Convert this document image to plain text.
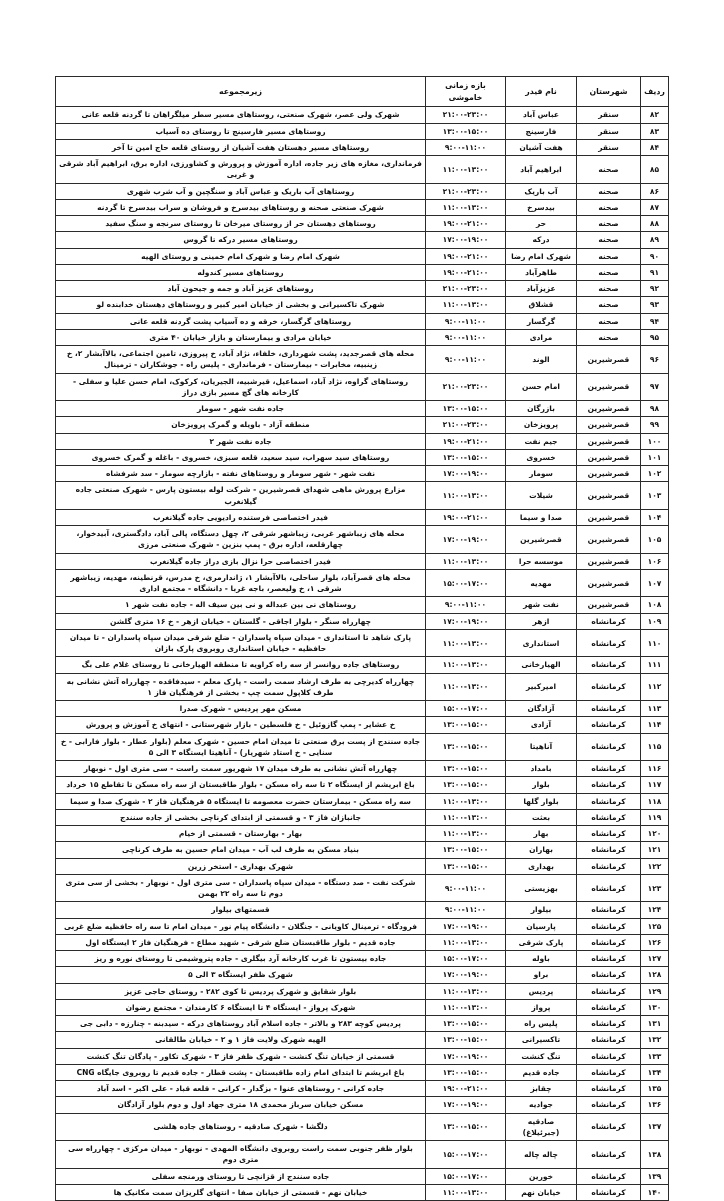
ردیف	شهرستان	نام فیدر	بازه زمانی خاموشی	زیرمجموعه
۸۲	سنقر	عباس آباد	۲۱:۰۰-۲۳:۰۰	شهرک ولی عصر، شهرک صنعتی، روستاهای مسیر سطر میلگراهان تا گردنه قلعه عانی
۸۳	سنقر	فارسینج	۱۳:۰۰-۱۵:۰۰	روستاهای مسیر فارسینج تا روستای ده آسیاب
۸۴	سنقر	هفت آشیان	۹:۰۰-۱۱:۰۰	روستاهای مسیر دهستان هفت آشیان از روستای قلعه حاج امین تا آخر
۸۵	صحنه	ابراهیم آباد	۱۱:۰۰-۱۳:۰۰	فرمانداری، مغازه های زیر جاده، اداره آموزش و پرورش و کشاورزی، اداره برق، ابراهیم آباد شرقی و غربی
۸۶	صحنه	آب باریک	۲۱:۰۰-۲۳:۰۰	روستاهای آب باریک و عباس آباد و سنگچین و آب شرب شهری
۸۷	صحنه	بیدسرخ	۱۱:۰۰-۱۳:۰۰	شهرک صنعتی صحنه و روستاهای بیدسرخ و فروشان و سراب بیدسرخ تا گردنه
۸۸	صحنه	حر	۱۹:۰۰-۲۱:۰۰	روستاهای دهستان حر از روستای میرخان تا روستای سرنجه و سنگ سفید
۸۹	صحنه	درکه	۱۷:۰۰-۱۹:۰۰	روستاهای مسیر درکه تا گروس
۹۰	صحنه	شهرک امام رضا	۱۹:۰۰-۲۱:۰۰	شهرک امام رضا و شهرک امام خمینی و روستای الهیه
۹۱	صحنه	طاهرآباد	۱۹:۰۰-۲۱:۰۰	روستاهای مسیر کندوله
۹۲	صحنه	عزیزآباد	۲۱:۰۰-۲۳:۰۰	روستاهای عزیز آباد و جمه و جیحون آباد
۹۳	صحنه	قشلاق	۱۱:۰۰-۱۳:۰۰	شهرک تاکسیرانی و بخشی از خیابان امیر کبیر و روستاهای دهستان خدابنده لو
۹۴	صحنه	گرگسار	۹:۰۰-۱۱:۰۰	روستاهای گرگسار، خرقه و ده آسیاب پشت گردنه قلعه عانی
۹۵	صحنه	مرادی	۹:۰۰-۱۱:۰۰	خیابان مرادی و بیمارستان و بازار خیابان ۴۰ متری
۹۶	قصرشیرین	الوند	۹:۰۰-۱۱:۰۰	محله های قصرجدید، پشت شهرداری، خلفاء، نژاد آباد، خ پیروزی، تامین اجتماعی، بالاآبشار ۲، خ زینبیه، مخابرات - بیمارستان - فرمانداری - پلیس راه - جوشکاران - ترمینال
۹۷	قصرشیرین	امام حسن	۲۱:۰۰-۲۳:۰۰	روستاهای گراوه، نژاد آباد، اسماعیل، قیرشبیه، الجیریان، کرکوک، امام حسن علیا و سفلی - کارخانه های گچ مسیر بازی دراز
۹۸	قصرشیرین	بازرگان	۱۳:۰۰-۱۵:۰۰	جاده نفت شهر - سومار
۹۹	قصرشیرین	پرویزخان	۲۱:۰۰-۲۳:۰۰	منطقه آزاد - باویله و گمرک پرویزخان
۱۰۰	قصرشیرین	جیم نفت	۱۹:۰۰-۲۱:۰۰	جاده نفت شهر ۲
۱۰۱	قصرشیرین	خسروی	۱۳:۰۰-۱۵:۰۰	روستاهای سید سهراب، سید سعید، قلعه سبزی، خسروی - باغله و گمرک خسروی
۱۰۲	قصرشیرین	سومار	۱۷:۰۰-۱۹:۰۰	نفت شهر - شهر سومار و روستاهای نفته - بازارچه سومار - سد شرفشاه
۱۰۳	قصرشیرین	شیلات	۱۱:۰۰-۱۳:۰۰	مزارع پرورش ماهی شهدای قصرشیرین - شرکت لوله بیستون پارس - شهرک صنعتی جاده گیلانغرب
۱۰۴	قصرشیرین	صدا و سیما	۱۹:۰۰-۲۱:۰۰	فیدر اختصاصی فرستنده رادیویی جاده گیلانغرب
۱۰۵	قصرشیرین	قصرشیرین	۱۷:۰۰-۱۹:۰۰	محله های زیباشهر غربی، زیباشهر شرقی ۲، چهل دستگاه، پالی آباد، دادگستری، آبیدخوار، چهارقلعه، اداره برق - پمپ بنزین - شهرک صنعتی مرزی
۱۰۶	قصرشیرین	موسسه حرا	۱۱:۰۰-۱۳:۰۰	فیدر اختصاصی حرا نزال بازی دراز جاده گیلانغرب
۱۰۷	قصرشیرین	مهدیه	۱۵:۰۰-۱۷:۰۰	محله های قصرآباد، بلوار ساحلی، بالاآبشار ۱، ژاندارمری، خ مدرس، قرنطینه، مهدیه، زیباشهر شرقی ۱، خ ولیعصر، باجه غربا - دانشگاه - مجتمع اداری
۱۰۸	قصرشیرین	نفت شهر	۹:۰۰-۱۱:۰۰	روستاهای نی بین عبداله و نی بین سیف اله - جاده نفت شهر ۱
۱۰۹	کرمانشاه	ازهر	۱۷:۰۰-۱۹:۰۰	چهارراه سنگر - بلوار اجاقی - گلستان - خیابان ازهر - خ ۱۶ متری گلشن
۱۱۰	کرمانشاه	استانداری	۱۱:۰۰-۱۳:۰۰	پارک شاهد تا استانداری - میدان سپاه پاسداران - ضلع شرقی میدان سپاه پاسداران - تا میدان حافظیه - خیابان استانداری روبروی پارک بازان
۱۱۱	کرمانشاه	الهیارخانی	۱۱:۰۰-۱۳:۰۰	روستاهای جاده روانسر از سه راه کراویه تا منطقه الهیارخانی تا روستای غلام علی بگ
۱۱۲	کرمانشاه	امیرکبیر	۱۱:۰۰-۱۳:۰۰	چهارراه کدیرچی به طرف ارشاد سمت راست - پارک معلم - سیدفاقده - چهارراه آتش نشانی به طرف کلاپول سمت چپ - بخشی از فرهنگیان فاز ۱
۱۱۳	کرمانشاه	آزادگان	۱۵:۰۰-۱۷:۰۰	مسکن مهر پردیس - شهرک صدرا
۱۱۴	کرمانشاه	آزادی	۱۳:۰۰-۱۵:۰۰	خ عشایر - پمپ گازوئیل - خ فلسطین - بازار شهرستانی - انتهای خ آموزش و پرورش
۱۱۵	کرمانشاه	آناهیتا	۱۳:۰۰-۱۵:۰۰	جاده سنندج از پست برق صنعتی تا میدان امام حسین - شهرک معلم (بلوار عطار - بلوار فارابی - خ سنایی - خ استاد شهریار) - آناهیتا ایستگاه ۳ الی ۵
۱۱۶	کرمانشاه	بامداد	۱۳:۰۰-۱۵:۰۰	چهارراه آتش نشانی به طرف میدان ۱۷ شهریور سمت راست - سی متری اول - نوبهار
۱۱۷	کرمانشاه	بلوار	۱۳:۰۰-۱۵:۰۰	باغ ابریشم از ایستگاه ۲ تا سه راه مسکن - بلوار طاقبستان از سه راه مسکن تا تقاطع ۱۵ خرداد
۱۱۸	کرمانشاه	بلوار گلها	۱۱:۰۰-۱۳:۰۰	سه راه مسکن - بیمارستان حضرت معصومه تا ایستگاه ۵ فرهنگیان فاز ۲ - شهرک صدا و سیما
۱۱۹	کرمانشاه	بعثت	۱۱:۰۰-۱۳:۰۰	جانبازان فاز ۳ - و قسمتی از ابتدای کرناچی بخشی از جاده سنندج
۱۲۰	کرمانشاه	بهار	۱۱:۰۰-۱۳:۰۰	بهار - بهارستان - قسمتی از خیام
۱۲۱	کرمانشاه	بهاران	۱۳:۰۰-۱۵:۰۰	بنیاد مسکن به طرف لب آب - میدان امام حسین به طرف کرناچی
۱۲۲	کرمانشاه	بهداری	۱۳:۰۰-۱۵:۰۰	شهرک بهداری - استخر زرین
۱۲۳	کرمانشاه	بهزیستی	۹:۰۰-۱۱:۰۰	شرکت نفت - صد دستگاه - میدان سپاه پاسداران - سی متری اول - نوبهار - بخشی از سی متری دوم تا سه راه ۲۲ بهمن
۱۲۴	کرمانشاه	بیلوار	۹:۰۰-۱۱:۰۰	قسمتهای بیلوار
۱۲۵	کرمانشاه	پارسیان	۱۷:۰۰-۱۹:۰۰	فرودگاه - ترمینال کاویانی - جنگلان - دانشگاه پیام نور - میدان امام تا سه راه حافظیه ضلع غربی
۱۲۶	کرمانشاه	پارک شرقی	۱۱:۰۰-۱۳:۰۰	جاده قدیم - بلوار طاقبستان ضلع شرقی - شهید مطاع - فرهنگیان فاز ۲ ایستگاه اول
۱۲۷	کرمانشاه	باوله	۱۵:۰۰-۱۷:۰۰	جاده بیستون تا غرب کارخانه آرد بیگلری - جاده پتروشیمی تا روستای نوره و ریز
۱۲۸	کرمانشاه	براو	۱۷:۰۰-۱۹:۰۰	شهرک ظفر ایستگاه ۳ الی ۵
۱۲۹	کرمانشاه	پردیس	۱۱:۰۰-۱۳:۰۰	بلوار شقایق و شهرک پردیس تا کوی ۲۸۲ - روستای حاجی عزیز
۱۳۰	کرمانشاه	پرواز	۱۱:۰۰-۱۳:۰۰	شهرک پرواز - ایستگاه ۴ تا ایستگاه ۶ کارمندان - مجتمع رضوان
۱۳۱	کرمانشاه	پلیس راه	۱۳:۰۰-۱۵:۰۰	پردیس کوچه ۲۸۳ و بالاتر - جاده اسلام آباد روستاهای درکه - سیدبنه - چنارزه - دابی جی
۱۳۲	کرمانشاه	تاکسیرانی	۱۳:۰۰-۱۵:۰۰	الهیه شهرک ولایت فاز ۱ و ۲ - خیابان طالقانی
۱۳۳	کرمانشاه	تنگ کنشت	۱۷:۰۰-۱۹:۰۰	قسمتی از خیابان تنگ کنشت - شهرک ظفر فاز ۳ - شهرک تکاور - پادگان تنگ کنشت
۱۳۴	کرمانشاه	جاده قدیم	۱۳:۰۰-۱۵:۰۰	باغ ابریشم تا ابتدای امام زاده طاقبستان - پشت قطار - جاده قدیم تا روبروی جایگاه CNG
۱۳۵	کرمانشاه	چقابز	۱۹:۰۰-۲۱:۰۰	جاده کرانی - روستاهای عنوا - بزگدار - کرانی - قلعه قباد - علی اکبر - اسد آباد
۱۳۶	کرمانشاه	جوادیه	۱۷:۰۰-۱۹:۰۰	مسکن خیابان سرباز محمدی ۱۸ متری جهاد اول و دوم بلوار آزادگان
۱۳۷	کرمانشاه	صادقیه (جبرئیلاغ)	۱۳:۰۰-۱۵:۰۰	دلگشا - شهرک صادقیه - روستاهای جاده هلشی
۱۳۸	کرمانشاه	چاله چاله	۱۵:۰۰-۱۷:۰۰	بلوار ظفر جنوبی سمت راست روبروی دانشگاه المهدی - نوبهار - میدان مرکزی - چهارراه سی متری دوم
۱۳۹	کرمانشاه	خورین	۱۵:۰۰-۱۷:۰۰	جاده سنندج از قزانچی تا روستای ورمنجه سفلی
۱۴۰	کرمانشاه	خیابان نهم	۱۱:۰۰-۱۳:۰۰	خیابان نهم - قسمتی از خیابان صفا - انتهای گلریزان سمت مکانیک ها
